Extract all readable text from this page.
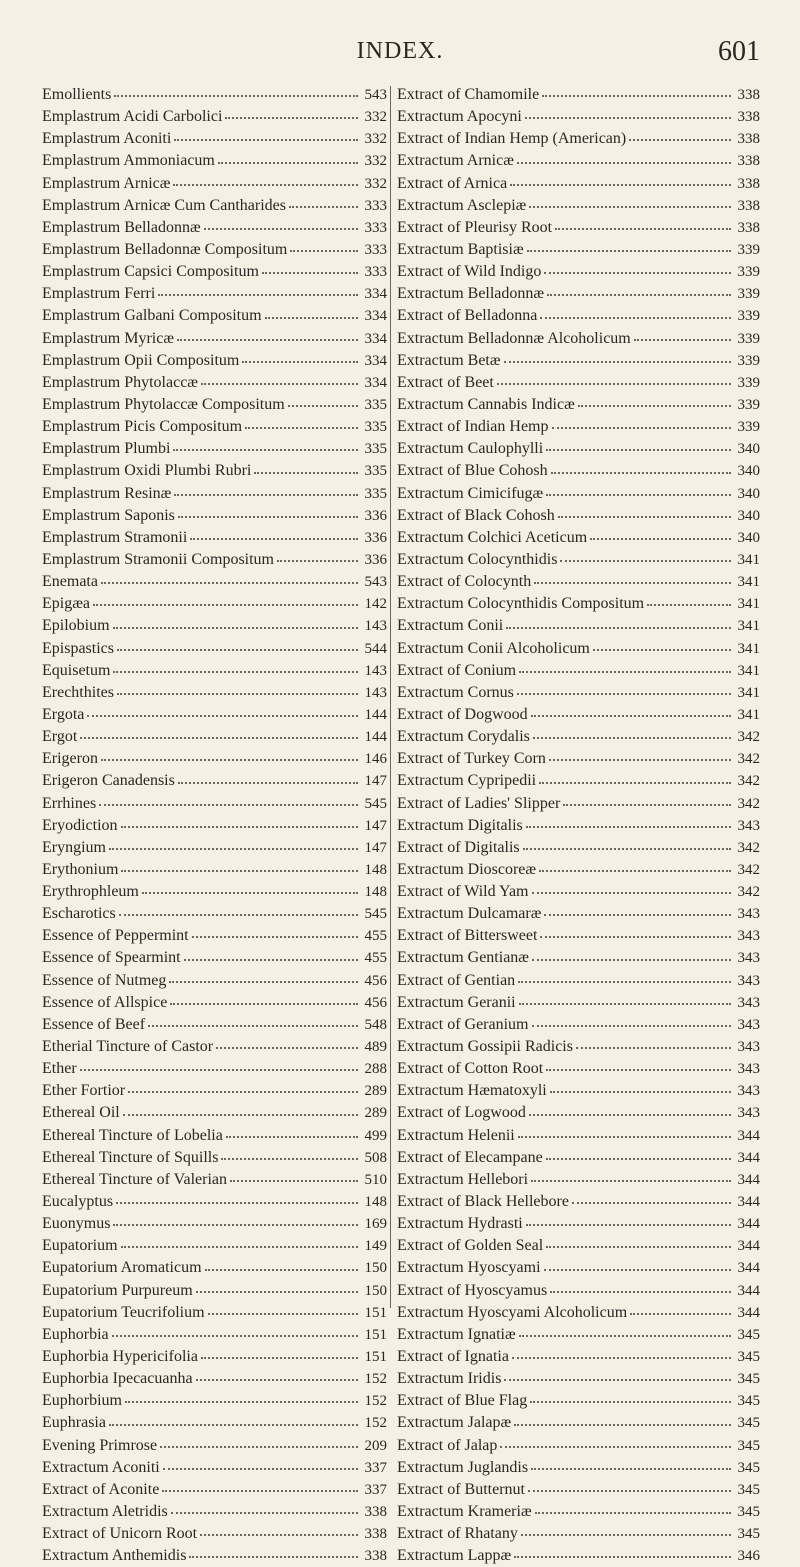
INDEX.	601
Emollients	543
Emplastrum Acidi Carbolici	332
Emplastrum Aconiti	332
Emplastrum Ammoniacum	332
Emplastrum Arnicæ	332
Emplastrum Arnicæ Cum Cantharides	333
Emplastrum Belladonnæ	333
Emplastrum Belladonnæ Compositum	333
Emplastrum Capsici Compositum	333
Emplastrum Ferri	334
Emplastrum Galbani Compositum	334
Emplastrum Myricæ	334
Emplastrum Opii Compositum	334
Emplastrum Phytolaccæ	334
Emplastrum Phytolaccæ Compositum	335
Emplastrum Picis Compositum	335
Emplastrum Plumbi	335
Emplastrum Oxidi Plumbi Rubri	335
Emplastrum Resinæ	335
Emplastrum Saponis	336
Emplastrum Stramonii	336
Emplastrum Stramonii Compositum	336
Enemata	543
Epigæa	142
Epilobium	143
Epispastics	544
Equisetum	143
Erechthites	143
Ergota	144
Ergot	144
Erigeron	146
Erigeron Canadensis	147
Errhines	545
Eryodiction	147
Eryngium	147
Erythonium	148
Erythrophleum	148
Escharotics	545
Essence of Peppermint	455
Essence of Spearmint	455
Essence of Nutmeg	456
Essence of Allspice	456
Essence of Beef	548
Etherial Tincture of Castor	489
Ether	288
Ether Fortior	289
Ethereal Oil	289
Ethereal Tincture of Lobelia	499
Ethereal Tincture of Squills	508
Ethereal Tincture of Valerian	510
Eucalyptus	148
Euonymus	169
Eupatorium	149
Eupatorium Aromaticum	150
Eupatorium Purpureum	150
Eupatorium Teucrifolium	151
Euphorbia	151
Euphorbia Hypericifolia	151
Euphorbia Ipecacuanha	152
Euphorbium	152
Euphrasia	152
Evening Primrose	209
Extractum Aconiti	337
Extract of Aconite	337
Extractum Aletridis	338
Extract of Unicorn Root	338
Extractum Anthemidis	338
Extract of Chamomile	338
Extractum Apocyni	338
Extract of Indian Hemp (American)	338
Extractum Arnicæ	338
Extract of Arnica	338
Extractum Asclepiæ	338
Extract of Pleurisy Root	338
Extractum Baptisiæ	339
Extract of Wild Indigo	339
Extractum Belladonnæ	339
Extract of Belladonna	339
Extractum Belladonnæ Alcoholicum	339
Extractum Betæ	339
Extract of Beet	339
Extractum Cannabis Indicæ	339
Extract of Indian Hemp	339
Extractum Caulophylli	340
Extract of Blue Cohosh	340
Extractum Cimicifugæ	340
Extract of Black Cohosh	340
Extractum Colchici Aceticum	340
Extractum Colocynthidis	341
Extract of Colocynth	341
Extractum Colocynthidis Compositum	341
Extractum Conii	341
Extractum Conii Alcoholicum	341
Extract of Conium	341
Extractum Cornus	341
Extract of Dogwood	341
Extractum Corydalis	342
Extract of Turkey Corn	342
Extractum Cypripedii	342
Extract of Ladies' Slipper	342
Extractum Digitalis	343
Extract of Digitalis	342
Extractum Dioscoreæ	342
Extract of Wild Yam	342
Extractum Dulcamaræ	343
Extract of Bittersweet	343
Extractum Gentianæ	343
Extract of Gentian	343
Extractum Geranii	343
Extract of Geranium	343
Extractum Gossipii Radicis	343
Extract of Cotton Root	343
Extractum Hæmatoxyli	343
Extract of Logwood	343
Extractum Helenii	344
Extract of Elecampane	344
Extractum Hellebori	344
Extract of Black Hellebore	344
Extractum Hydrasti	344
Extract of Golden Seal	344
Extractum Hyoscyami	344
Extract of Hyoscyamus	344
Extractum Hyoscyami Alcoholicum	344
Extractum Ignatiæ	345
Extract of Ignatia	345
Extractum Iridis	345
Extract of Blue Flag	345
Extractum Jalapæ	345
Extract of Jalap	345
Extractum Juglandis	345
Extract of Butternut	345
Extractum Krameriæ	345
Extract of Rhatany	345
Extractum Lappæ	346
